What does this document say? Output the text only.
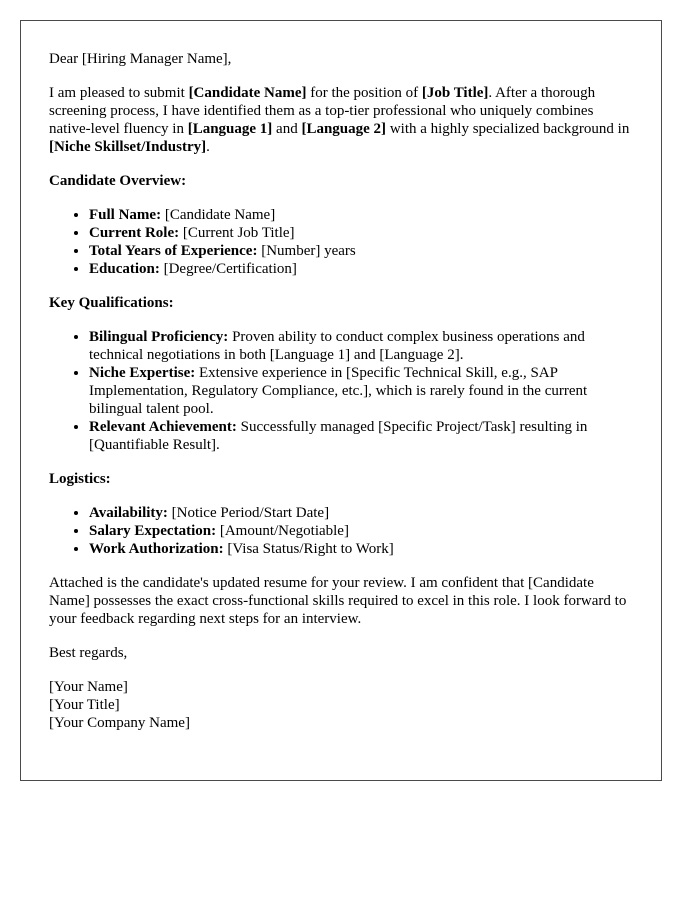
Dear [Hiring Manager Name],

I am pleased to submit [Candidate Name] for the position of [Job Title]. After a thorough screening process, I have identified them as a top-tier professional who uniquely combines native-level fluency in [Language 1] and [Language 2] with a highly specialized background in [Niche Skillset/Industry].

Candidate Overview:

• Full Name: [Candidate Name]
• Current Role: [Current Job Title]
• Total Years of Experience: [Number] years
• Education: [Degree/Certification]

Key Qualifications:

• Bilingual Proficiency: Proven ability to conduct complex business operations and technical negotiations in both [Language 1] and [Language 2].
• Niche Expertise: Extensive experience in [Specific Technical Skill, e.g., SAP Implementation, Regulatory Compliance, etc.], which is rarely found in the current bilingual talent pool.
• Relevant Achievement: Successfully managed [Specific Project/Task] resulting in [Quantifiable Result].

Logistics:

• Availability: [Notice Period/Start Date]
• Salary Expectation: [Amount/Negotiable]
• Work Authorization: [Visa Status/Right to Work]

Attached is the candidate's updated resume for your review. I am confident that [Candidate Name] possesses the exact cross-functional skills required to excel in this role. I look forward to your feedback regarding next steps for an interview.

Best regards,

[Your Name]
[Your Title]
[Your Company Name]
